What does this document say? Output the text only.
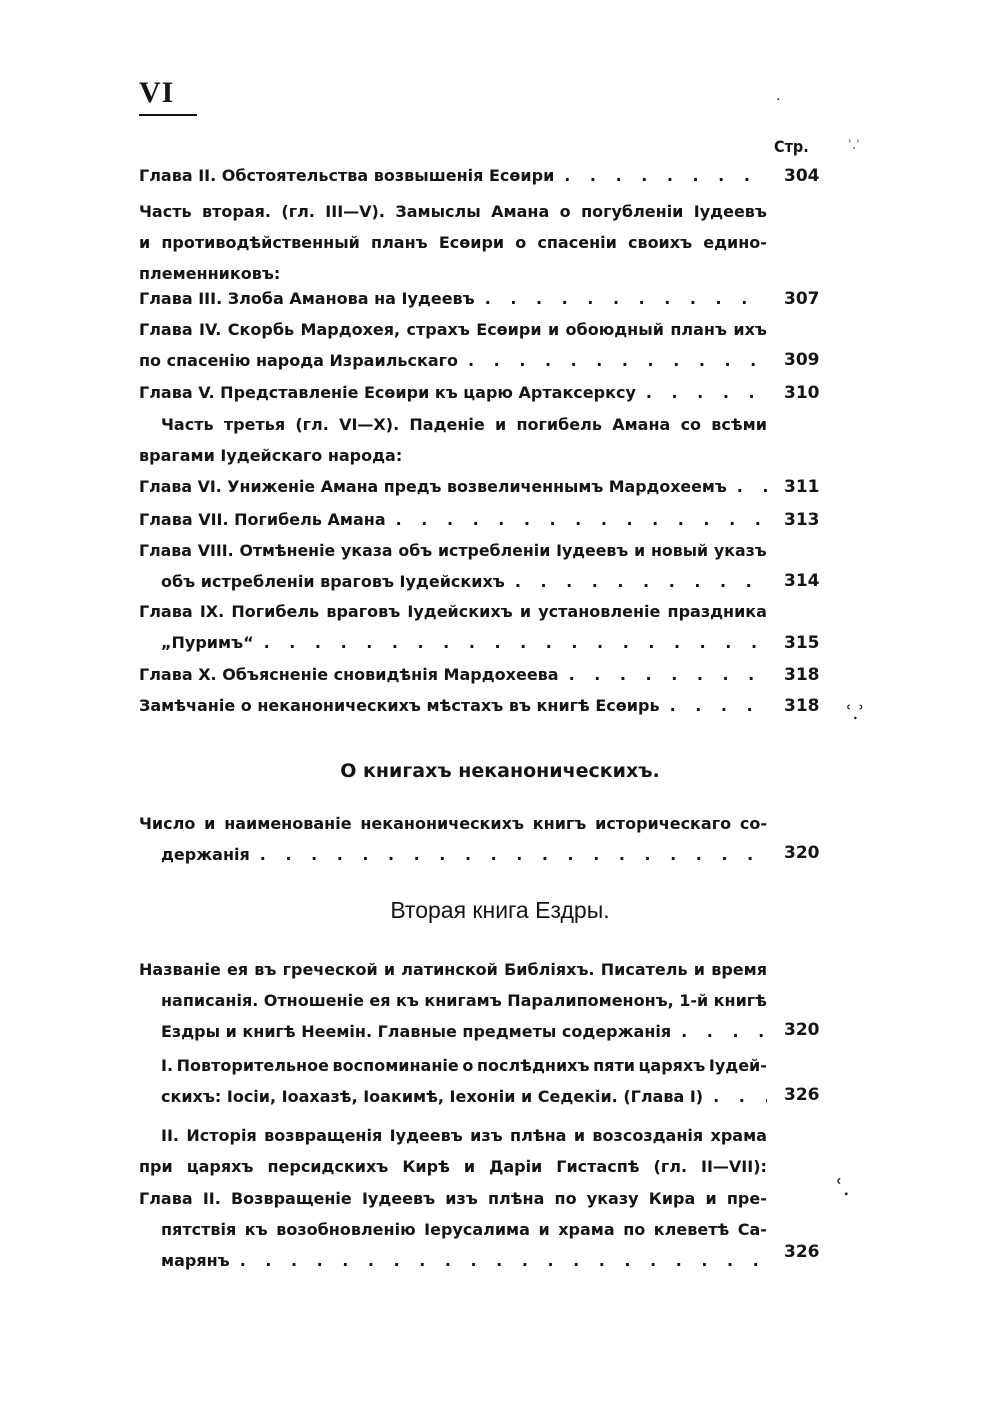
VI	·
ʾ.ʾ
ʿ.ʾ
ʿ.
Стр.
Глава II. Обстоятельства возвышенія Есѳири . . .	304
Часть вторая. (гл. III—V). Замыслы Амана о погубленіи Іудеевъ
и противодѣйственный планъ Есѳири о спасеніи своихъ едино-
племенниковъ:
Глава III. Злоба Аманова на Іудеевъ . . .	307
Глава IV. Скорбь Мардохея, страхъ Есѳири и обоюдный планъ ихъ
по спасенію народа Израильскаго . . .	309
Глава V. Представленіе Есѳири къ царю Артаксерксу . . .	310
Часть третья (гл. VI—X). Паденіе и погибель Амана со всѣми
врагами Іудейскаго народа:
Глава VI. Униженіе Амана предъ возвеличеннымъ Мардохеемъ . . .	311
Глава VII. Погибель Амана . . .	313
Глава VIII. Отмѣненіе указа объ истребленіи Іудеевъ и новый указъ
объ истребленіи враговъ Іудейскихъ . . .	314
Глава IX. Погибель враговъ Іудейскихъ и установленіе праздника
„Пуримъ“ . . .	315
Глава X. Объясненіе сновидѣнія Мардохеева . . .	318
Замѣчаніе о неканоническихъ мѣстахъ въ книгѣ Есѳирь . . .	318
О книгахъ неканоническихъ.
Число и наименованіе неканоническихъ книгъ историческаго со-
держанія . . .	320
Вторая книга Ездры.
Названіе ея въ греческой и латинской Библіяхъ. Писатель и время
написанія. Отношеніе ея къ книгамъ Паралипоменонъ, 1-й книгѣ
Ездры и книгѣ Неемін. Главные предметы содержанія . . .	320
I. Повторительное воспоминаніе о послѣднихъ пяти царяхъ Іудей-
скихъ: Іосіи, Іоахазѣ, Іоакимѣ, Іехоніи и Седекіи. (Глава I) . . .	326
II. Исторія возвращенія Іудеевъ изъ плѣна и возсозданія храма
при царяхъ персидскихъ Кирѣ и Даріи Гистаспѣ (гл. II—VII):
Глава II. Возвращеніе Іудеевъ изъ плѣна по указу Кира и пре-
пятствія къ возобновленію Іерусалима и храма по клеветѣ Са-
марянъ . . .	326
